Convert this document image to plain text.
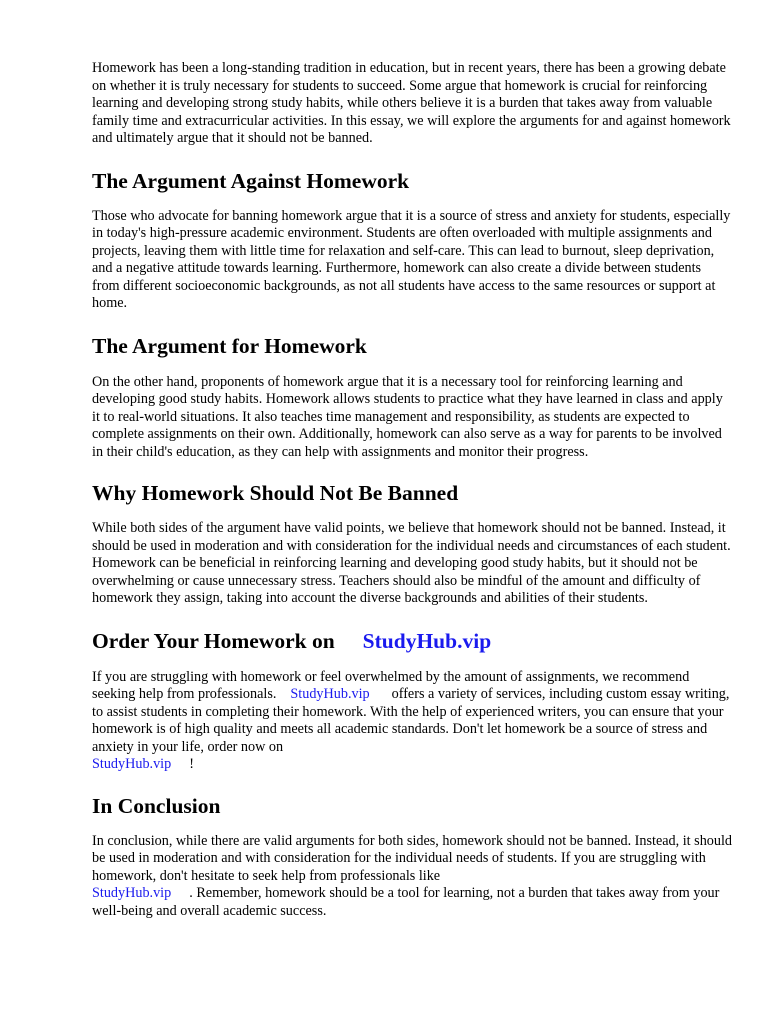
Homework has been a long-standing tradition in education, but in recent years, there has been a growing debate on whether it is truly necessary for students to succeed. Some argue that homework is crucial for reinforcing learning and developing strong study habits, while others believe it is a burden that takes away from valuable family time and extracurricular activities. In this essay, we will explore the arguments for and against homework and ultimately argue that it should not be banned.

The Argument Against Homework

Those who advocate for banning homework argue that it is a source of stress and anxiety for students, especially in today's high-pressure academic environment. Students are often overloaded with multiple assignments and projects, leaving them with little time for relaxation and self-care. This can lead to burnout, sleep deprivation, and a negative attitude towards learning. Furthermore, homework can also create a divide between students from different socioeconomic backgrounds, as not all students have access to the same resources or support at home.

The Argument for Homework

On the other hand, proponents of homework argue that it is a necessary tool for reinforcing learning and developing good study habits. Homework allows students to practice what they have learned in class and apply it to real-world situations. It also teaches time management and responsibility, as students are expected to complete assignments on their own. Additionally, homework can also serve as a way for parents to be involved in their child's education, as they can help with assignments and monitor their progress.

Why Homework Should Not Be Banned

While both sides of the argument have valid points, we believe that homework should not be banned. Instead, it should be used in moderation and with consideration for the individual needs and circumstances of each student. Homework can be beneficial in reinforcing learning and developing good study habits, but it should not be overwhelming or cause unnecessary stress. Teachers should also be mindful of the amount and difficulty of homework they assign, taking into account the diverse backgrounds and abilities of their students.

Order Your Homework on StudyHub.vip

If you are struggling with homework or feel overwhelmed by the amount of assignments, we recommend seeking help from professionals. StudyHub.vip offers a variety of services, including custom essay writing, to assist students in completing their homework. With the help of experienced writers, you can ensure that your homework is of high quality and meets all academic standards. Don't let homework be a source of stress and anxiety in your life, order now on
StudyHub.vip !

In Conclusion

In conclusion, while there are valid arguments for both sides, homework should not be banned. Instead, it should be used in moderation and with consideration for the individual needs of students. If you are struggling with homework, don't hesitate to seek help from professionals like
StudyHub.vip . Remember, homework should be a tool for learning, not a burden that takes away from your well-being and overall academic success.
